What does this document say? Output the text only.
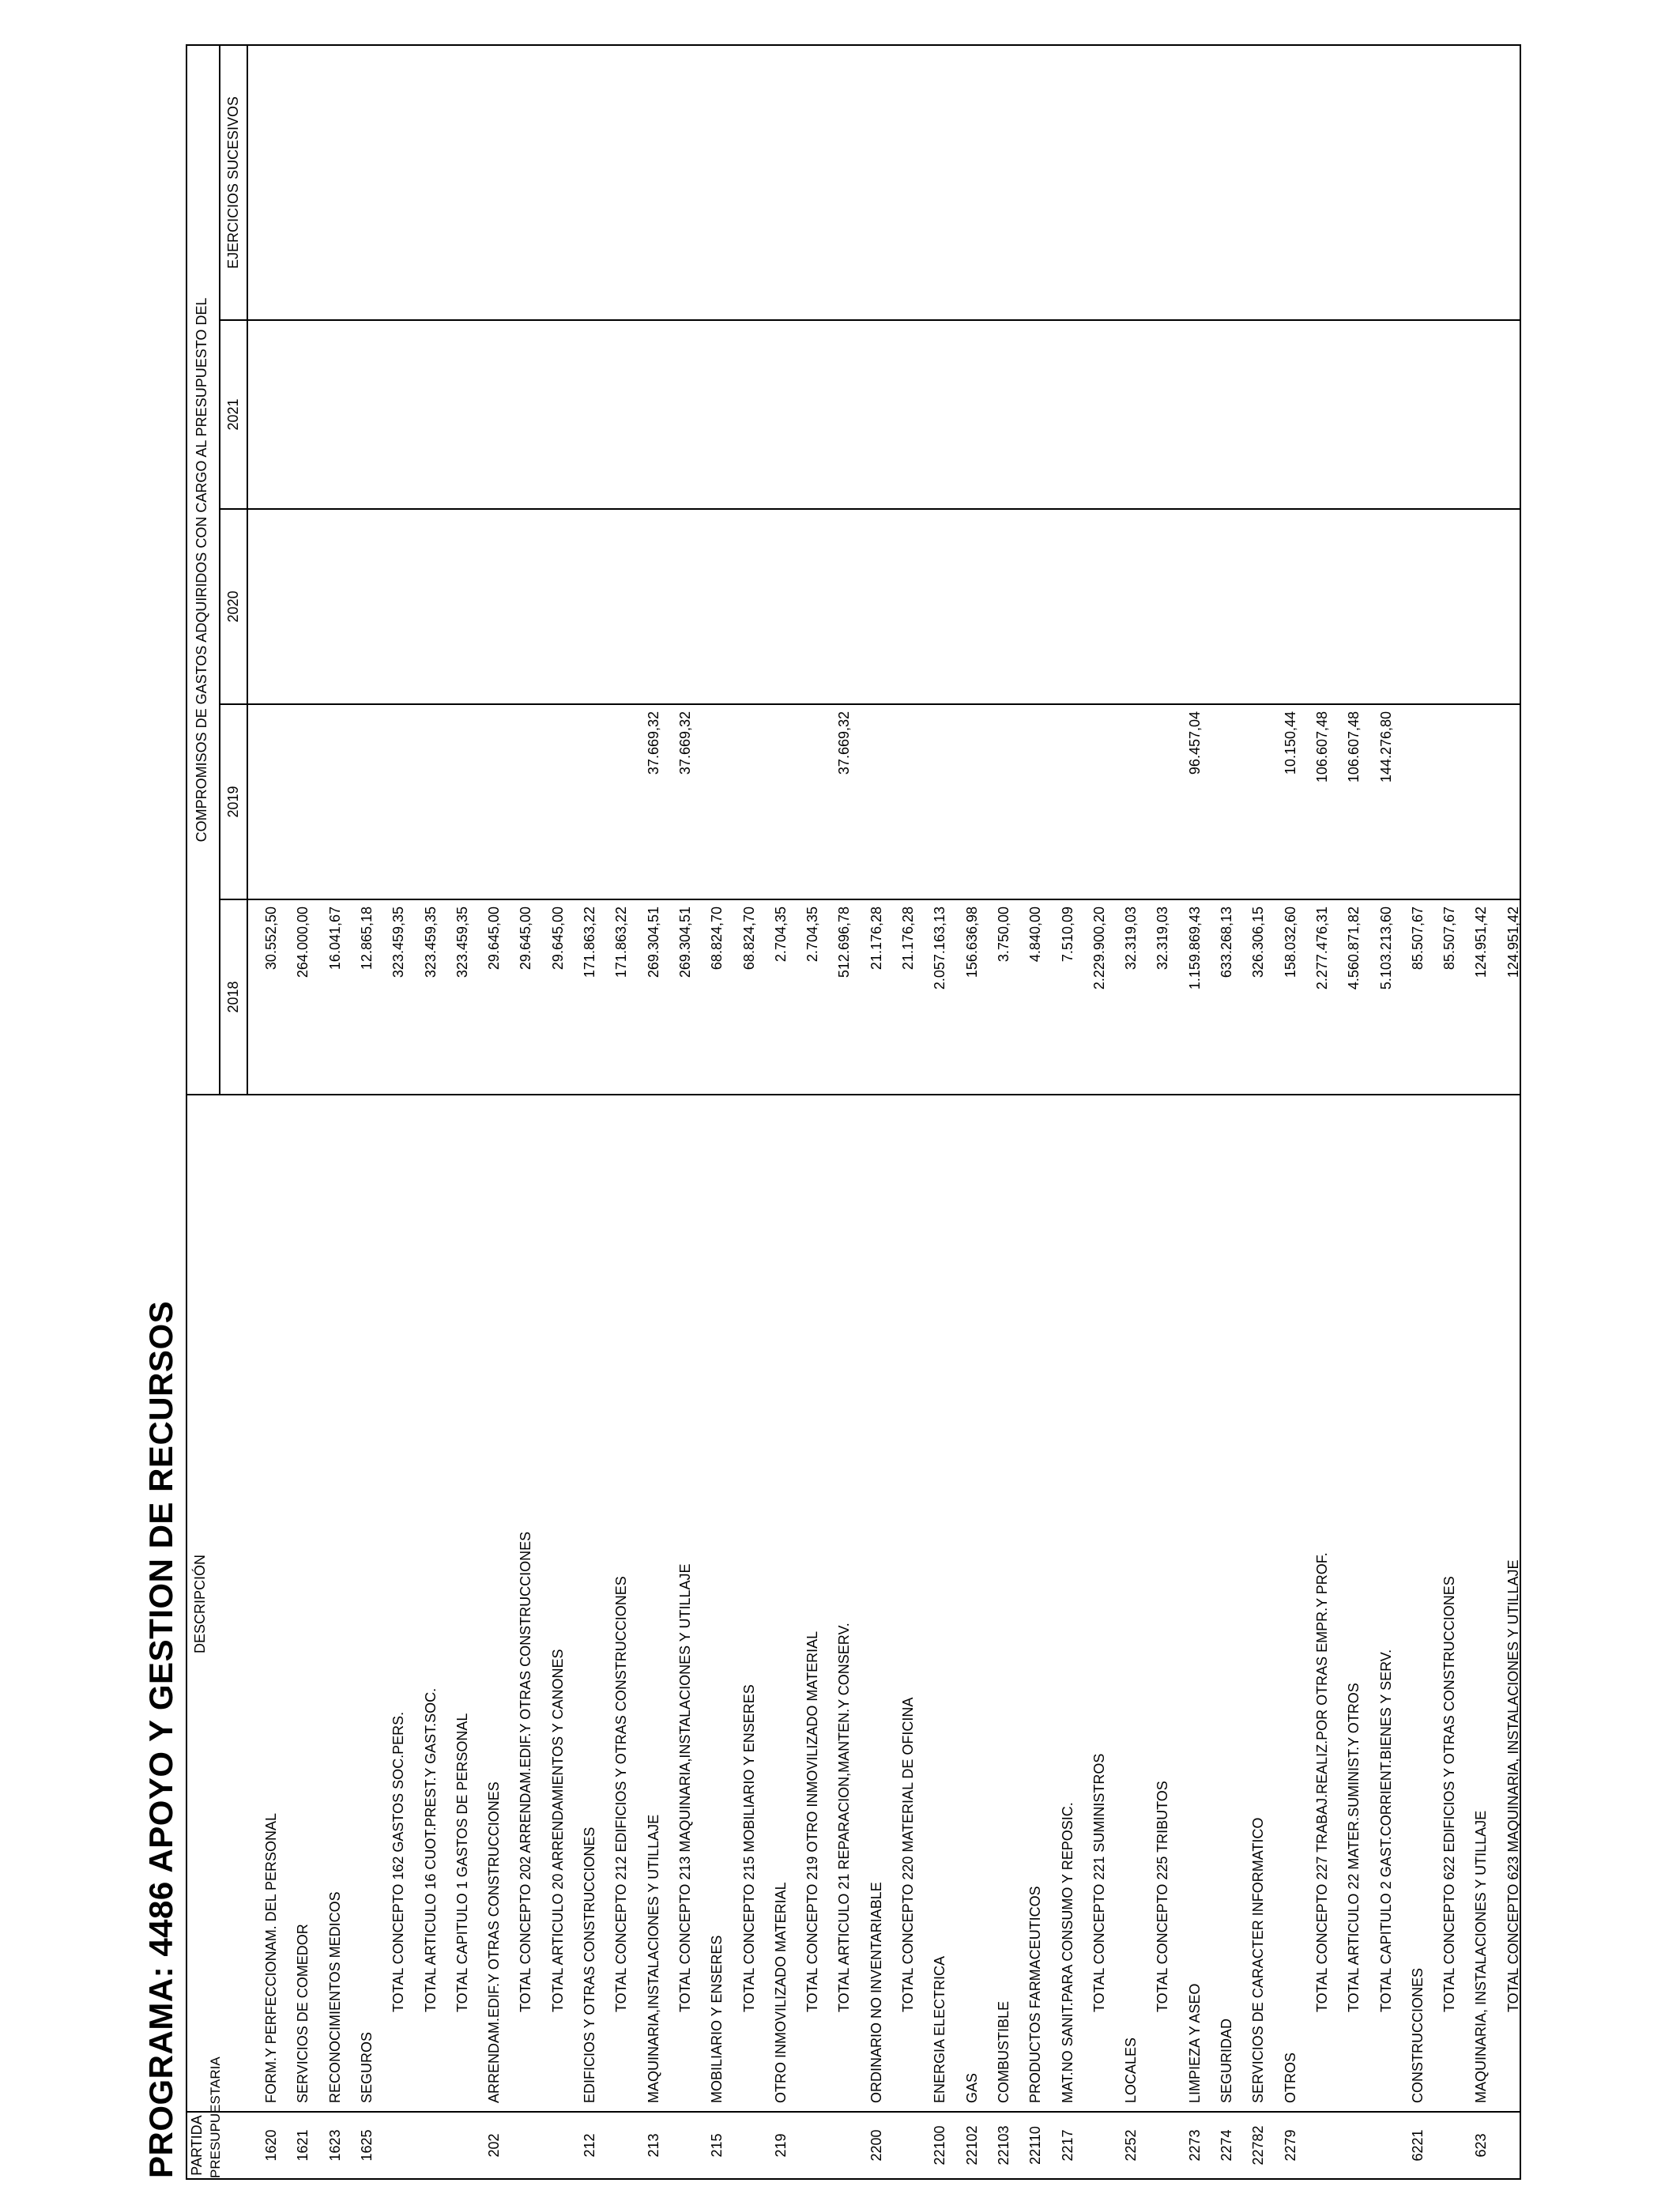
PROGRAMA: 4486 APOYO Y GESTION DE RECURSOS PARTIDA PRESUPUESTARIA
DESCRIPCIÓN
COMPROMISOS DE GASTOS ADQUIRIDOS CON CARGO AL PRESUPUESTO DEL
2018
2019
2020
2021
EJERCICIOS SUCESIVOS
1620
FORM.Y PERFECCIONAM. DEL PERSONAL
30.552,50
1621
SERVICIOS DE COMEDOR
264.000,00
1623
RECONOCIMIENTOS MEDICOS
16.041,67
1625
SEGUROS
12.865,18
TOTAL CONCEPTO 162 GASTOS SOC.PERS.
323.459,35
TOTAL ARTICULO 16 CUOT.PREST.Y GAST.SOC.
323.459,35
TOTAL CAPITULO 1 GASTOS DE PERSONAL
323.459,35
202
ARRENDAM.EDIF.Y OTRAS CONSTRUCCIONES
29.645,00
TOTAL CONCEPTO 202 ARRENDAM.EDIF.Y OTRAS CONSTRUCCIONES
29.645,00
TOTAL ARTICULO 20 ARRENDAMIENTOS Y CANONES
29.645,00
212
EDIFICIOS Y OTRAS CONSTRUCCIONES
171.863,22
TOTAL CONCEPTO 212 EDIFICIOS Y OTRAS CONSTRUCCIONES
171.863,22
213
MAQUINARIA,INSTALACIONES Y UTILLAJE
269.304,51
37.669,32
TOTAL CONCEPTO 213 MAQUINARIA,INSTALACIONES Y UTILLAJE
269.304,51
37.669,32
215
MOBILIARIO Y ENSERES
68.824,70
TOTAL CONCEPTO 215 MOBILIARIO Y ENSERES
68.824,70
219
OTRO INMOVILIZADO MATERIAL
2.704,35
TOTAL CONCEPTO 219 OTRO INMOVILIZADO MATERIAL
2.704,35
TOTAL ARTICULO 21 REPARACION,MANTEN.Y CONSERV.
512.696,78
37.669,32
2200
ORDINARIO NO INVENTARIABLE
21.176,28
TOTAL CONCEPTO 220 MATERIAL DE OFICINA
21.176,28
22100
ENERGIA ELECTRICA
2.057.163,13
22102
GAS
156.636,98
22103
COMBUSTIBLE
3.750,00
22110
PRODUCTOS FARMACEUTICOS
4.840,00
2217
MAT.NO SANIT.PARA CONSUMO Y REPOSIC.
7.510,09
TOTAL CONCEPTO 221 SUMINISTROS
2.229.900,20
2252
LOCALES
32.319,03
TOTAL CONCEPTO 225 TRIBUTOS
32.319,03
2273
LIMPIEZA Y ASEO
1.159.869,43
96.457,04
2274
SEGURIDAD
633.268,13
22782
SERVICIOS DE CARACTER INFORMATICO
326.306,15
2279
OTROS
158.032,60
10.150,44
TOTAL CONCEPTO 227 TRABAJ.REALIZ.POR OTRAS EMPR.Y PROF.
2.277.476,31
106.607,48
TOTAL ARTICULO 22 MATER.SUMINIST.Y OTROS
4.560.871,82
106.607,48
TOTAL CAPITULO 2 GAST.CORRIENT.BIENES Y SERV.
5.103.213,60
144.276,80
6221
CONSTRUCCIONES
85.507,67
TOTAL CONCEPTO 622 EDIFICIOS Y OTRAS CONSTRUCCIONES
85.507,67
623
MAQUINARIA, INSTALACIONES Y UTILLAJE
124.951,42
TOTAL CONCEPTO 623 MAQUINARIA, INSTALACIONES Y UTILLAJE
124.951,42
